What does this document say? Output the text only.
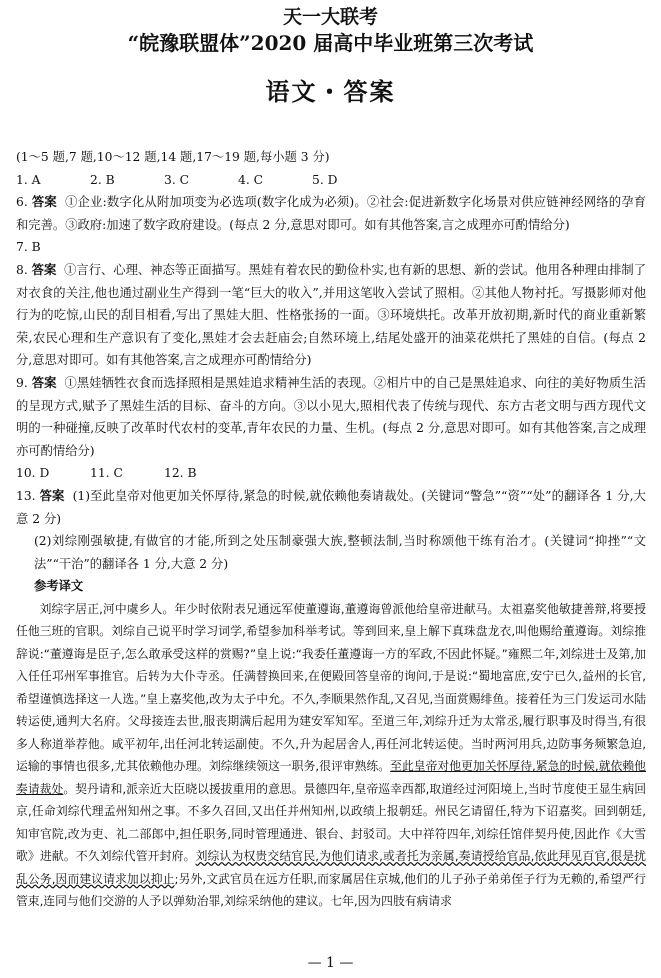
天一大联考
“皖豫联盟体”2020 届高中毕业班第三次考试
语文・答案

(1～5 题,7 题,10～12 题,14 题,17～19 题,每小题 3 分)

1. A	2. B	3. C	4. C	5. D

6. 答案 ①企业:数字化从附加项变为必选项(数字化成为必须)。②社会:促进新数字化场景对供应链神经网络的孕育和完善。③政府:加速了数字政府建设。(每点 2 分,意思对即可。如有其他答案,言之成理亦可酌情给分)

7. B

8. 答案 ①言行、心理、神态等正面描写。黑娃有着农民的勤俭朴实,也有新的思想、新的尝试。他用各种理由排制了对衣食的关注,他也通过副业生产得到一笔“巨大的收入”,并用这笔收入尝试了照相。②其他人物衬托。写摄影师对他行为的吃惊,山民的刮目相看,写出了黑娃大胆、性格张扬的一面。③环境烘托。改革开放初期,新时代的商业重新繁荣,农民心理和生产意识有了变化,黑娃才会去赶庙会;自然环境上,结尾处盛开的油菜花烘托了黑娃的自信。(每点 2 分,意思对即可。如有其他答案,言之成理亦可酌情给分)

9. 答案 ①黑娃牺牲衣食而选择照相是黑娃追求精神生活的表现。②相片中的自己是黑娃追求、向往的美好物质生活的呈现方式,赋予了黑娃生活的目标、奋斗的方向。③以小见大,照相代表了传统与现代、东方古老文明与西方现代文明的一种碰撞,反映了改革时代农村的变革,青年农民的力量、生机。(每点 2 分,意思对即可。如有其他答案,言之成理亦可酌情给分)

10. D	11. C	12. B

13. 答案 (1)至此皇帝对他更加关怀厚待,紧急的时候,就依赖他奏请裁处。(关键词“警急”“资”“处”的翻译各 1 分,大意 2 分)

(2)刘综刚强敏捷,有做官的才能,所到之处压制豪强大族,整顿法制,当时称颂他干练有治才。(关键词“抑挫”“文法”“干治”的翻译各 1 分,大意 2 分)

参考译文

刘综字居正,河中虞乡人。年少时依附表兄通远军使董遵诲,董遵诲曾派他给皇帝进献马。太祖嘉奖他敏捷善辩,将要授任他三班的官职。刘综自己说平时学习词学,希望参加科举考试。等到回来,皇上解下真珠盘龙衣,叫他赐给董遵诲。刘综推辞说:“董遵诲是臣子,怎么敢承受这样的赏赐?”皇上说:“我委任董遵诲一方的军政,不因此怀疑。”雍熙二年,刘综进士及第,加入任任邛州军事推官。后转为大仆寺丞。任满替换回来,在便殿回答皇帝的询问,于是说:“蜀地富庶,安宁已久,益州的长官,希望谨慎选择这一人选。”皇上嘉奖他,改为太子中允。不久,李顺果然作乱,又召见,当面赏赐绯鱼。接着任为三门发运司水陆转运使,通判大名府。父母接连去世,服丧期满后起用为建安军知军。至道三年,刘综升迁为太常丞,履行职事及时得当,有很多人称道举荐他。咸平初年,出任河北转运副使。不久,升为起居舍人,再任河北转运使。当时两河用兵,边防事务频繁急迫,运输的事情也很多,尤其依赖他办理。刘综继续领这一职务,很评审熟练。至此皇帝对他更加关怀厚待,紧急的时候,就依赖他奏请裁处。契丹请和,派亲近大臣晓以援拔重用的意思。景德四年,皇帝巡幸西都,取道经过河阳境上,当时节度使王显生病回京,任命刘综代理孟州知州之事。不多久召回,又出任并州知州,以政绩上报朝廷。州民乞请留任,特为下诏嘉奖。回到朝廷,知审官院,改为吏、礼二部郎中,担任职务,同时管理通进、银台、封驳司。大中祥符四年,刘综任馆伴契丹使,因此作《大雪歌》进献。不久刘综代管开封府。刘综认为权贵交结官民,为他们请求,或者托为亲属,奏请授给官品,依此拜见百官,很是扰乱公务,因而建议请求加以抑止;另外,文武官员在远方任职,而家属居住京城,他们的儿子孙子弟弟侄子行为无赖的,希望严行管束,连同与他们交游的人予以弹劾治罪,刘综采纳他的建议。七年,因为四肢有病请求

— 1 —
